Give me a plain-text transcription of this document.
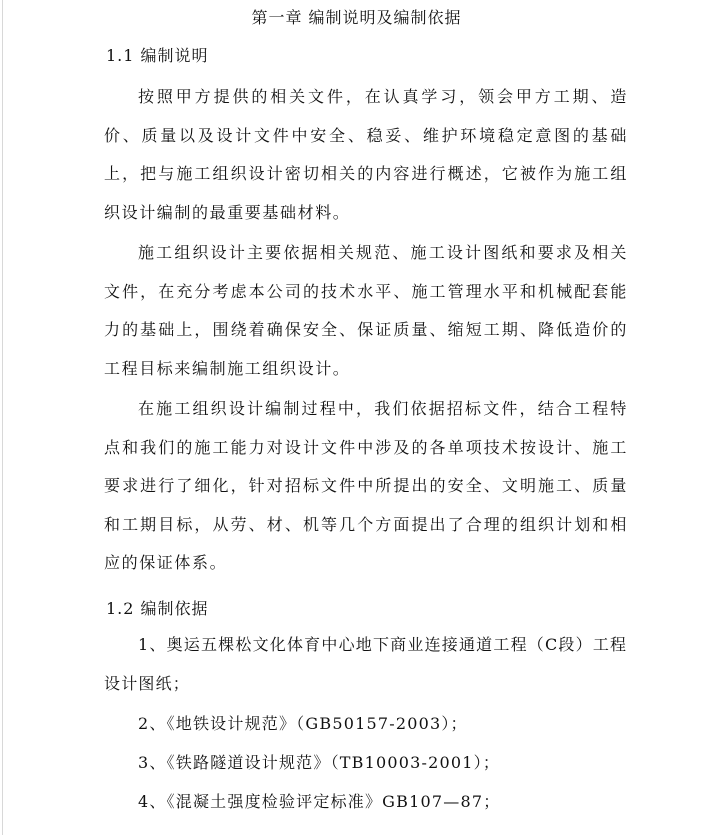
第一章 编制说明及编制依据
1.1 编制说明

按照甲方提供的相关文件，在认真学习，领会甲方工期、造价、质量以及设计文件中安全、稳妥、维护环境稳定意图的基础上，把与施工组织设计密切相关的内容进行概述，它被作为施工组织设计编制的最重要基础材料。

施工组织设计主要依据相关规范、施工设计图纸和要求及相关文件，在充分考虑本公司的技术水平、施工管理水平和机械配套能力的基础上，围绕着确保安全、保证质量、缩短工期、降低造价的工程目标来编制施工组织设计。

在施工组织设计编制过程中，我们依据招标文件，结合工程特点和我们的施工能力对设计文件中涉及的各单项技术按设计、施工要求进行了细化，针对招标文件中所提出的安全、文明施工、质量和工期目标，从劳、材、机等几个方面提出了合理的组织计划和相应的保证体系。

1.2 编制依据

1、奥运五棵松文化体育中心地下商业连接通道工程（C段）工程设计图纸；

2、《地铁设计规范》（GB50157-2003）；

3、《铁路隧道设计规范》（TB10003-2001）；

4、《混凝土强度检验评定标准》GB107—87；
